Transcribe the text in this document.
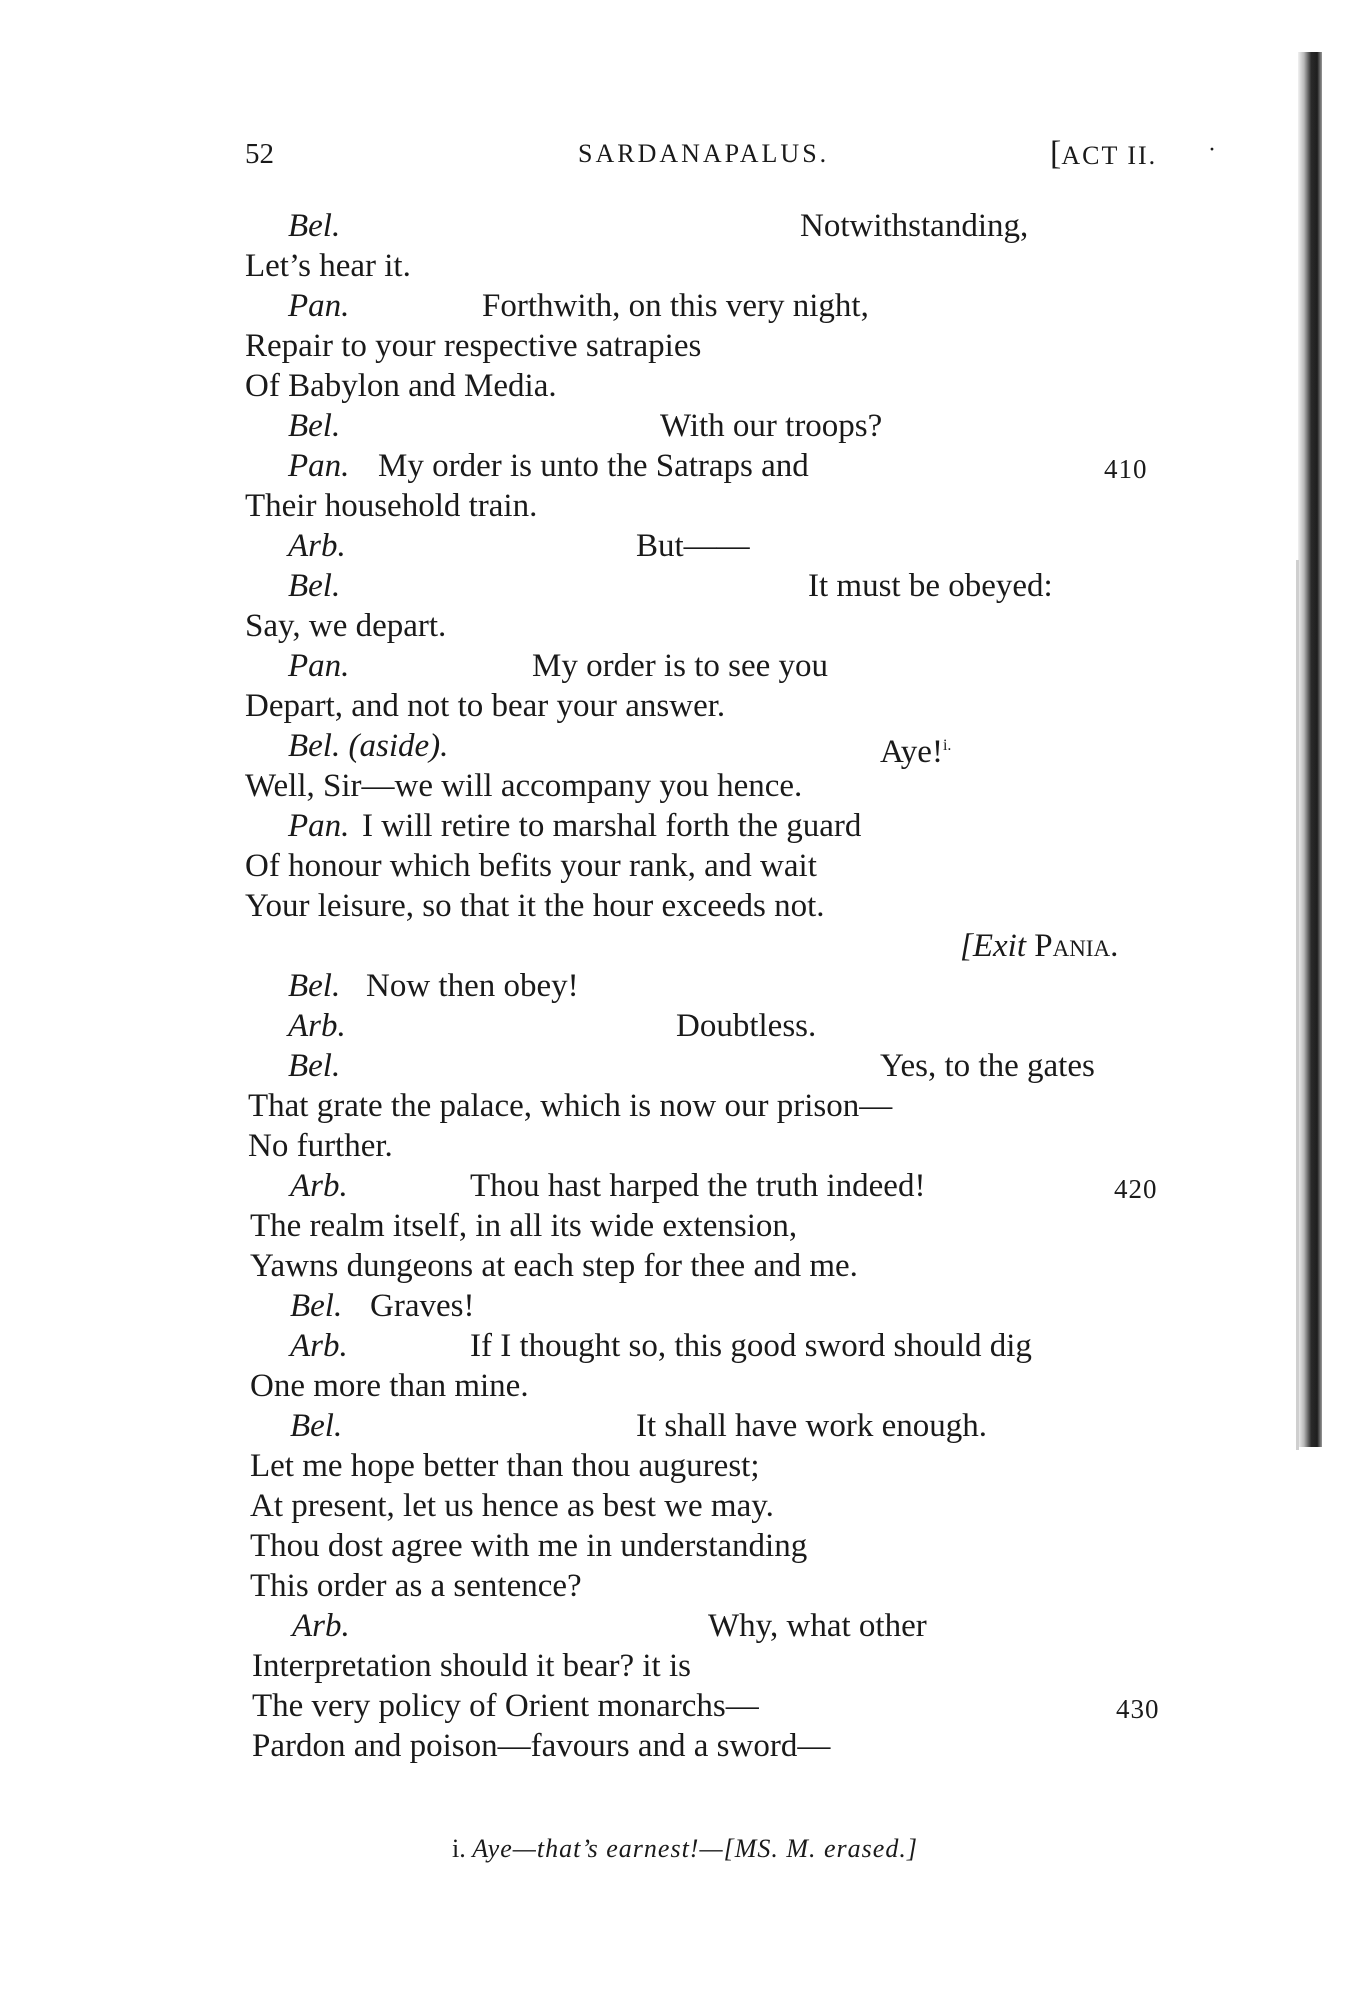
52	SARDANAPALUS.	[ACT II. ·
Bel.	Notwithstanding,
Let’s hear it.
Pan.	Forthwith, on this very night,
Repair to your respective satrapies
Of Babylon and Media.
Bel.	With our troops?
Pan. My order is unto the Satraps and	410
Their household train.
Arb.	But——
Bel.	It must be obeyed:
Say, we depart.
Pan.	My order is to see you
Depart, and not to bear your answer.
Bel. (aside).	Aye!$^{i.}$
Well, Sir—we will accompany you hence.
Pan. I will retire to marshal forth the guard
Of honour which befits your rank, and wait
Your leisure, so that it the hour exceeds not.
[Exit Pania.
Bel. Now then obey!
Arb.	Doubtless.
Bel.	Yes, to the gates
That grate the palace, which is now our prison—
No further.
Arb.	Thou hast harped the truth indeed!	420
The realm itself, in all its wide extension,
Yawns dungeons at each step for thee and me.
Bel. Graves!
Arb.	If I thought so, this good sword should dig
One more than mine.
Bel.	It shall have work enough.
Let me hope better than thou augurest;
At present, let us hence as best we may.
Thou dost agree with me in understanding
This order as a sentence?
Arb.	Why, what other
Interpretation should it bear? it is
The very policy of Orient monarchs—	430
Pardon and poison—favours and a sword—
i. Aye—that’s earnest!—[MS. M. erased.]
